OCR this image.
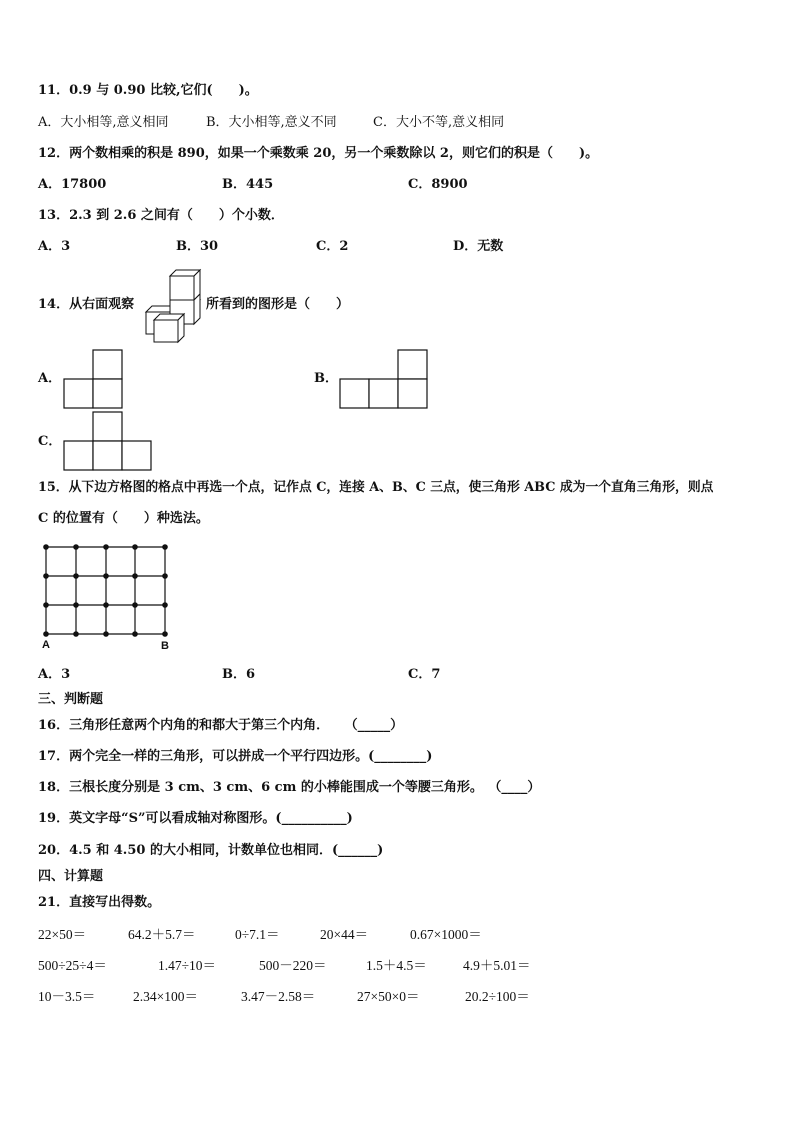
11．0.9 与 0.90 比较,它们(　　)。
A．大小相等,意义相同	B．大小相等,意义不同	C．大小不等,意义相同
12．两个数相乘的积是 890，如果一个乘数乘 20，另一个乘数除以 2，则它们的积是（　　)。
A．17800	B．445	C．8900
13．2.3 到 2.6 之间有（　　）个小数．
A．3	B．30	C．2	D．无数
14．从右面观察	所看到的图形是（　　）
A．	B．
C．
15．从下边方格图的格点中再选一个点，记作点 C，连接 A、B、C 三点，使三角形 ABC 成为一个直角三角形，则点
C 的位置有（　　）种选法。
A	B
A．3	B．6	C．7
三、判断题
16．三角形任意两个内角的和都大于第三个内角． （_____）
17．两个完全一样的三角形，可以拼成一个平行四边形。(________)
18．三根长度分别是 3 cm、3 cm、6 cm 的小棒能围成一个等腰三角形。 （____）
19．英文字母“S”可以看成轴对称图形。(__________)
20．4.5 和 4.50 的大小相同，计数单位也相同．(______)
四、计算题
21．直接写出得数。
22×50＝	64.2＋5.7＝	0÷7.1＝	20×44＝	0.67×1000＝
500÷25÷4＝	1.47÷10＝	500－220＝	1.5＋4.5＝	4.9＋5.01＝
10－3.5＝	2.34×100＝	3.47－2.58＝	27×50×0＝	20.2÷100＝
